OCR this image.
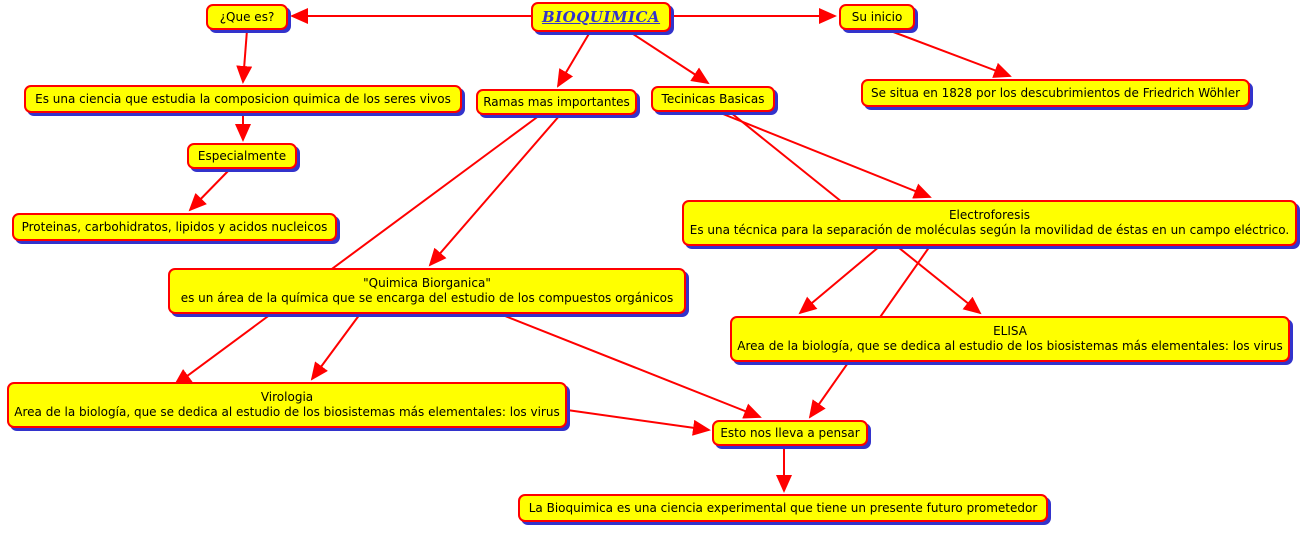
BIOQUIMICA
¿Que es?	Su inicio
Es una ciencia que estudia la composicion quimica de los seres vivos	Ramas mas importantes	Tecinicas Basicas	Se situa en 1828 por los descubrimientos de Friedrich Wöhler
Especialmente
Electroforesis
Es una técnica para la separación de moléculas según la movilidad de éstas en un campo eléctrico.
Proteinas, carbohidratos, lipidos y acidos nucleicos
"Quimica Biorganica"
es un área de la química que se encarga del estudio de los compuestos orgánicos
ELISA
Area de la biología, que se dedica al estudio de los biosistemas más elementales: los virus
Virologia
Area de la biología, que se dedica al estudio de los biosistemas más elementales: los virus
Esto nos lleva a pensar
La Bioquimica es una ciencia experimental que tiene un presente futuro prometedor
